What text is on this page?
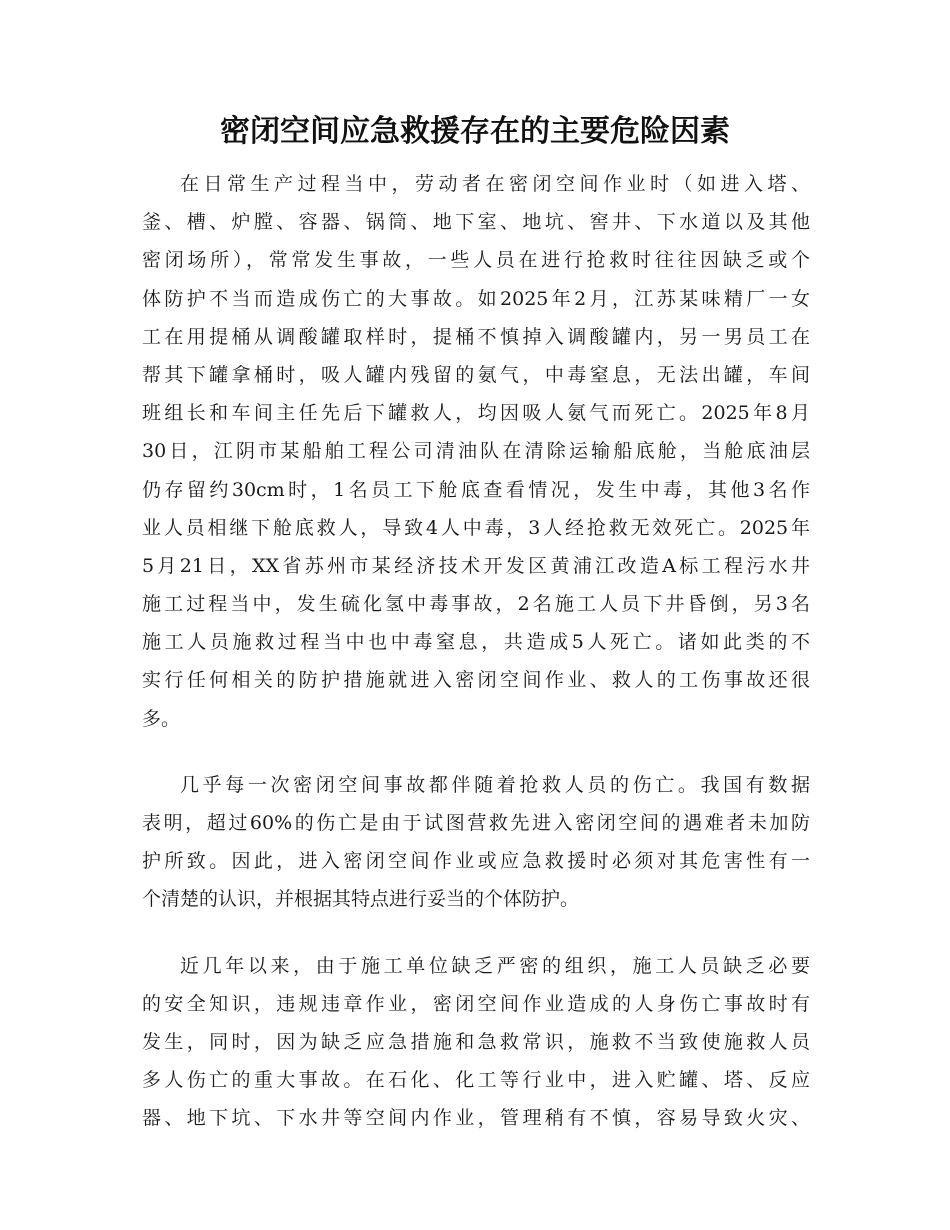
密闭空间应急救援存在的主要危险因素

在日常生产过程当中，劳动者在密闭空间作业时（如进入塔、
釜、槽、炉膛、容器、锅筒、地下室、地坑、窖井、下水道以及其他
密闭场所），常常发生事故，一些人员在进行抢救时往往因缺乏或个
体防护不当而造成伤亡的大事故。如2025年2月，江苏某味精厂一女
工在用提桶从调酸罐取样时，提桶不慎掉入调酸罐内，另一男员工在
帮其下罐拿桶时，吸人罐内残留的氨气，中毒窒息，无法出罐，车间
班组长和车间主任先后下罐救人，均因吸人氨气而死亡。2025年8月
30日，江阴市某船舶工程公司清油队在清除运输船底舱，当舱底油层
仍存留约30cm时，1名员工下舱底查看情况，发生中毒，其他3名作
业人员相继下舱底救人，导致4人中毒，3人经抢救无效死亡。2025年
5月21日，XX省苏州市某经济技术开发区黄浦江改造A标工程污水井
施工过程当中，发生硫化氢中毒事故，2名施工人员下井昏倒，另3名
施工人员施救过程当中也中毒窒息，共造成5人死亡。诸如此类的不
实行任何相关的防护措施就进入密闭空间作业、救人的工伤事故还很
多。

几乎每一次密闭空间事故都伴随着抢救人员的伤亡。我国有数据
表明，超过60%的伤亡是由于试图营救先进入密闭空间的遇难者未加防
护所致。因此，进入密闭空间作业或应急救援时必须对其危害性有一
个清楚的认识，并根据其特点进行妥当的个体防护。

近几年以来，由于施工单位缺乏严密的组织，施工人员缺乏必要
的安全知识，违规违章作业，密闭空间作业造成的人身伤亡事故时有
发生，同时，因为缺乏应急措施和急救常识，施救不当致使施救人员
多人伤亡的重大事故。在石化、化工等行业中，进入贮罐、塔、反应
器、地下坑、下水井等空间内作业，管理稍有不慎，容易导致火灾、
